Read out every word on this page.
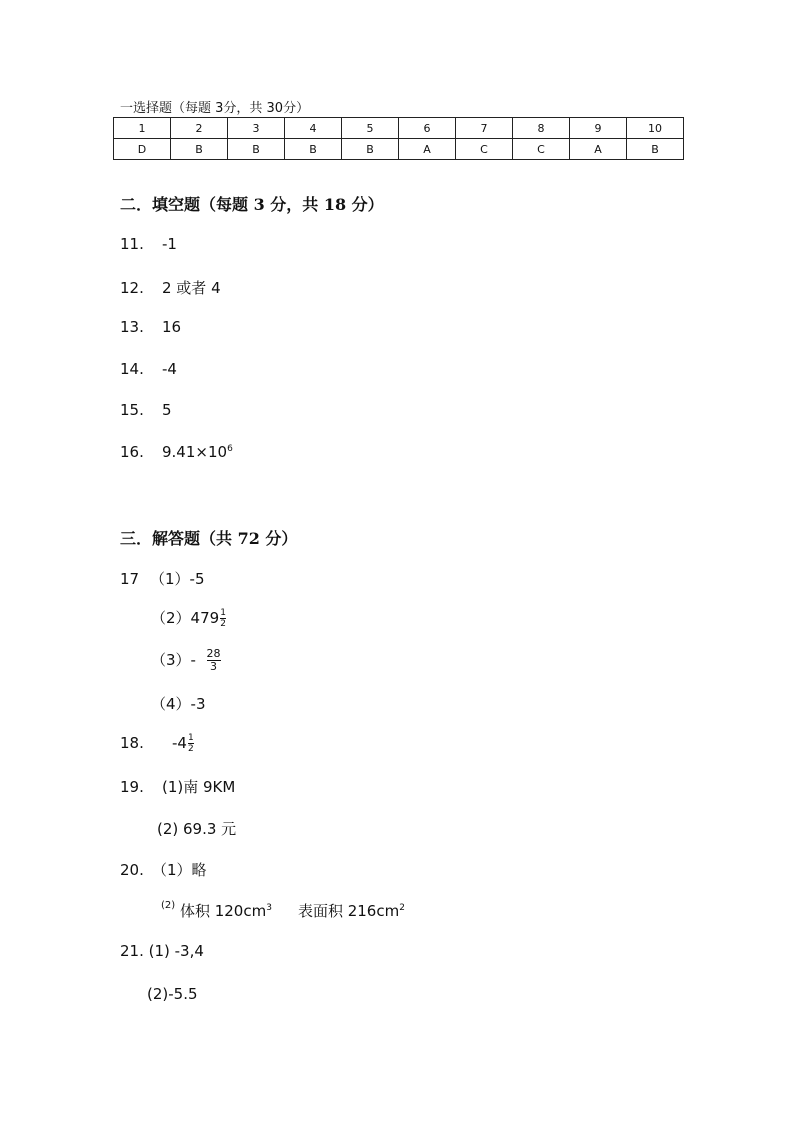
一选择题（每题 3分，共 30分）
1	2	3	4	5	6	7	8	9	10
D	B	B	B	B	A	C	C	A	B
二．填空题（每题 3 分，共 18 分）
11. -1
12. 2 或者 4
13. 16
14. -4
15. 5
16. $9.41\times 10^6$
三．解答题（共 72 分）
17 （1）-5
$(2)479 \frac{1}{2}$
$(3)- \frac{28}{3}$
（4）-3
18. $-4 \frac{1}{2}$
19. (1)南 9KM
(2) 69.3 元
20. （1）略
$^{(2)}$ 体积 $120cm^3$ 表面积 $216cm^2$
21. (1) -3,4
(2)-5.5
